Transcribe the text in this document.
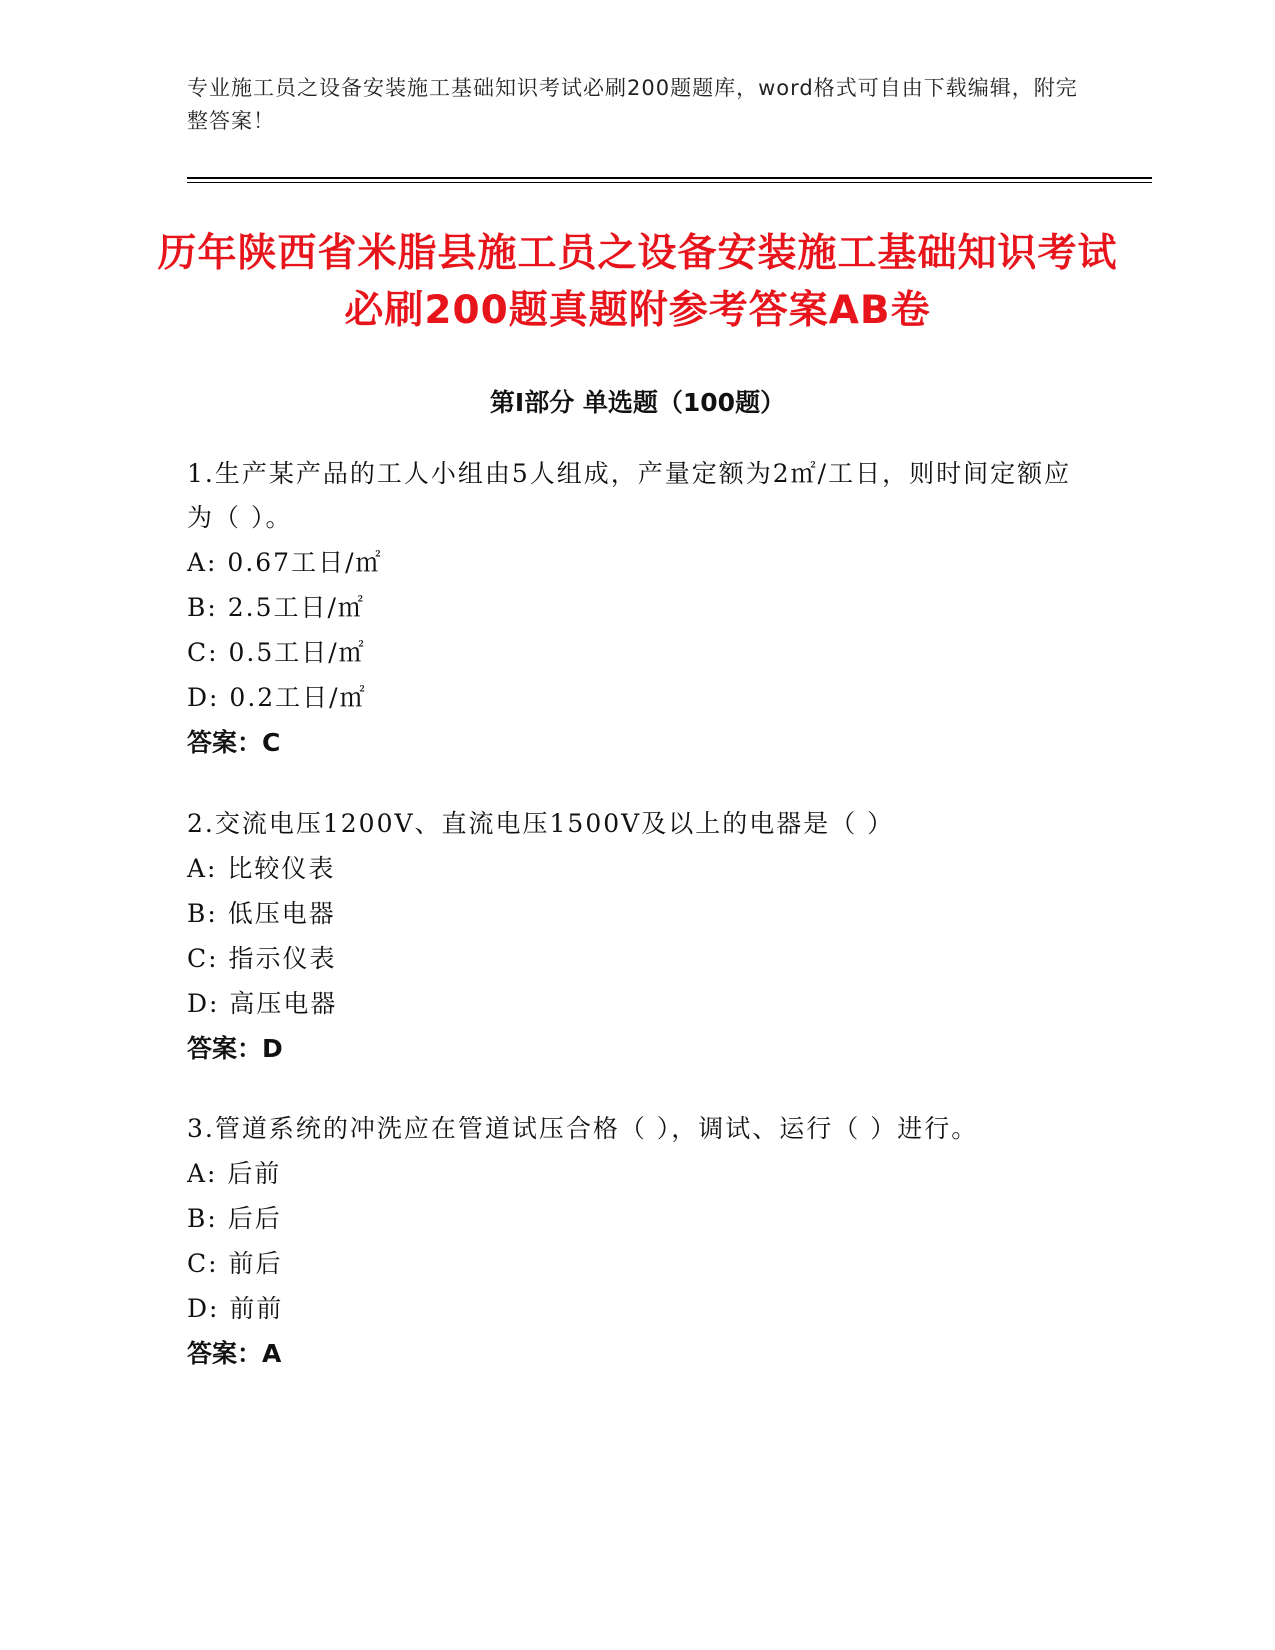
专业施工员之设备安装施工基础知识考试必刷200题题库，word格式可自由下载编辑，附完整答案！
历年陕西省米脂县施工员之设备安装施工基础知识考试必刷200题真题附参考答案AB卷
第Ⅰ部分 单选题（100题）

1.生产某产品的工人小组由5人组成，产量定额为2㎡/工日，则时间定额应为（ ）。

A: 0.67工日/㎡
B: 2.5工日/㎡
C: 0.5工日/㎡
D: 0.2工日/㎡
答案：C

2.交流电压1200V、直流电压1500V及以上的电器是（ ）

A: 比较仪表
B: 低压电器
C: 指示仪表
D: 高压电器
答案：D

3.管道系统的冲洗应在管道试压合格（ ），调试、运行（ ）进行。

A: 后前
B: 后后
C: 前后
D: 前前
答案：A
